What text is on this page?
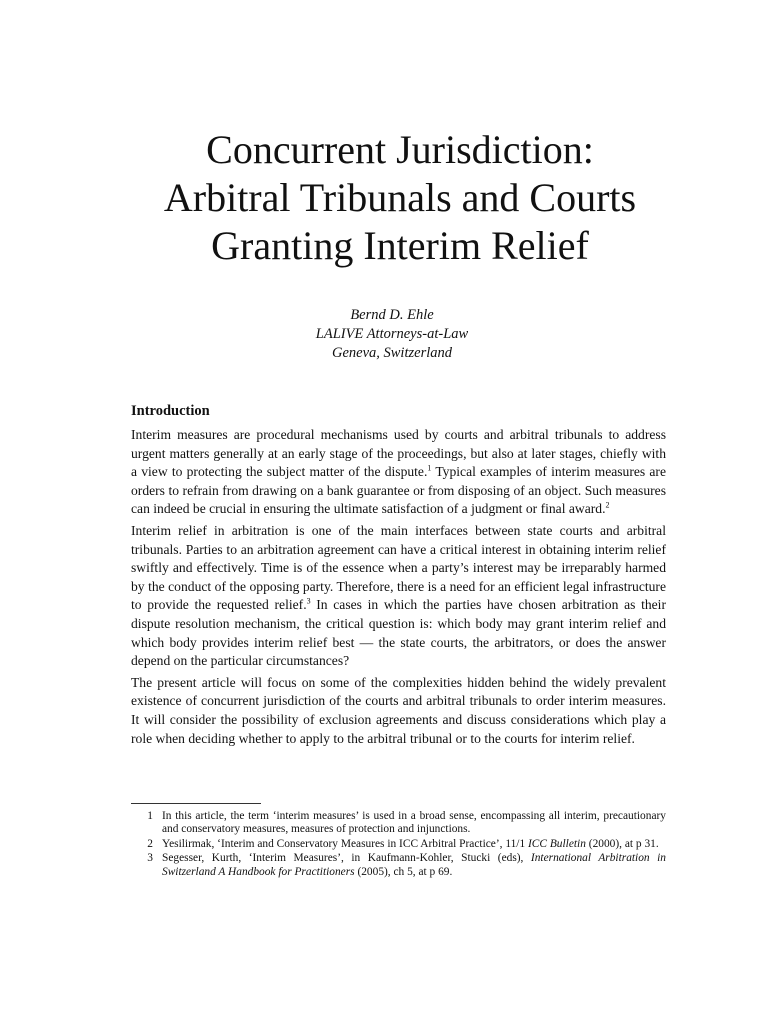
Concurrent Jurisdiction:
Arbitral Tribunals and Courts
Granting Interim Relief
Bernd D. Ehle
LALIVE Attorneys-at-Law
Geneva, Switzerland
Introduction

Interim measures are procedural mechanisms used by courts and arbitral tribunals to address urgent matters generally at an early stage of the proceedings, but also at later stages, chiefly with a view to protecting the subject matter of the dispute.$^1$ Typical examples of interim measures are orders to refrain from drawing on a bank guarantee or from disposing of an object. Such measures can indeed be crucial in ensuring the ultimate satisfaction of a judgment or final award.$^2$

Interim relief in arbitration is one of the main interfaces between state courts and arbitral tribunals. Parties to an arbitration agreement can have a critical interest in obtaining interim relief swiftly and effectively. Time is of the essence when a party’s interest may be irreparably harmed by the conduct of the opposing party. Therefore, there is a need for an efficient legal infrastructure to provide the requested relief.$^3$ In cases in which the parties have chosen arbitration as their dispute resolution mechanism, the critical question is: which body may grant interim relief and which body provides interim relief best — the state courts, the arbitrators, or does the answer depend on the particular circumstances?

The present article will focus on some of the complexities hidden behind the widely prevalent existence of concurrent jurisdiction of the courts and arbitral tribunals to order interim measures. It will consider the possibility of exclusion agreements and discuss considerations which play a role when deciding whether to apply to the arbitral tribunal or to the courts for interim relief.

1 In this article, the term ‘interim measures’ is used in a broad sense, encompassing all interim, precautionary and conservatory measures, measures of protection and injunctions.

2 Yesilirmak, ‘Interim and Conservatory Measures in ICC Arbitral Practice’, 11/1 ICC Bulletin (2000), at p 31.

3 Segesser, Kurth, ‘Interim Measures’, in Kaufmann-Kohler, Stucki (eds), International Arbitration in Switzerland A Handbook for Practitioners (2005), ch 5, at p 69.
